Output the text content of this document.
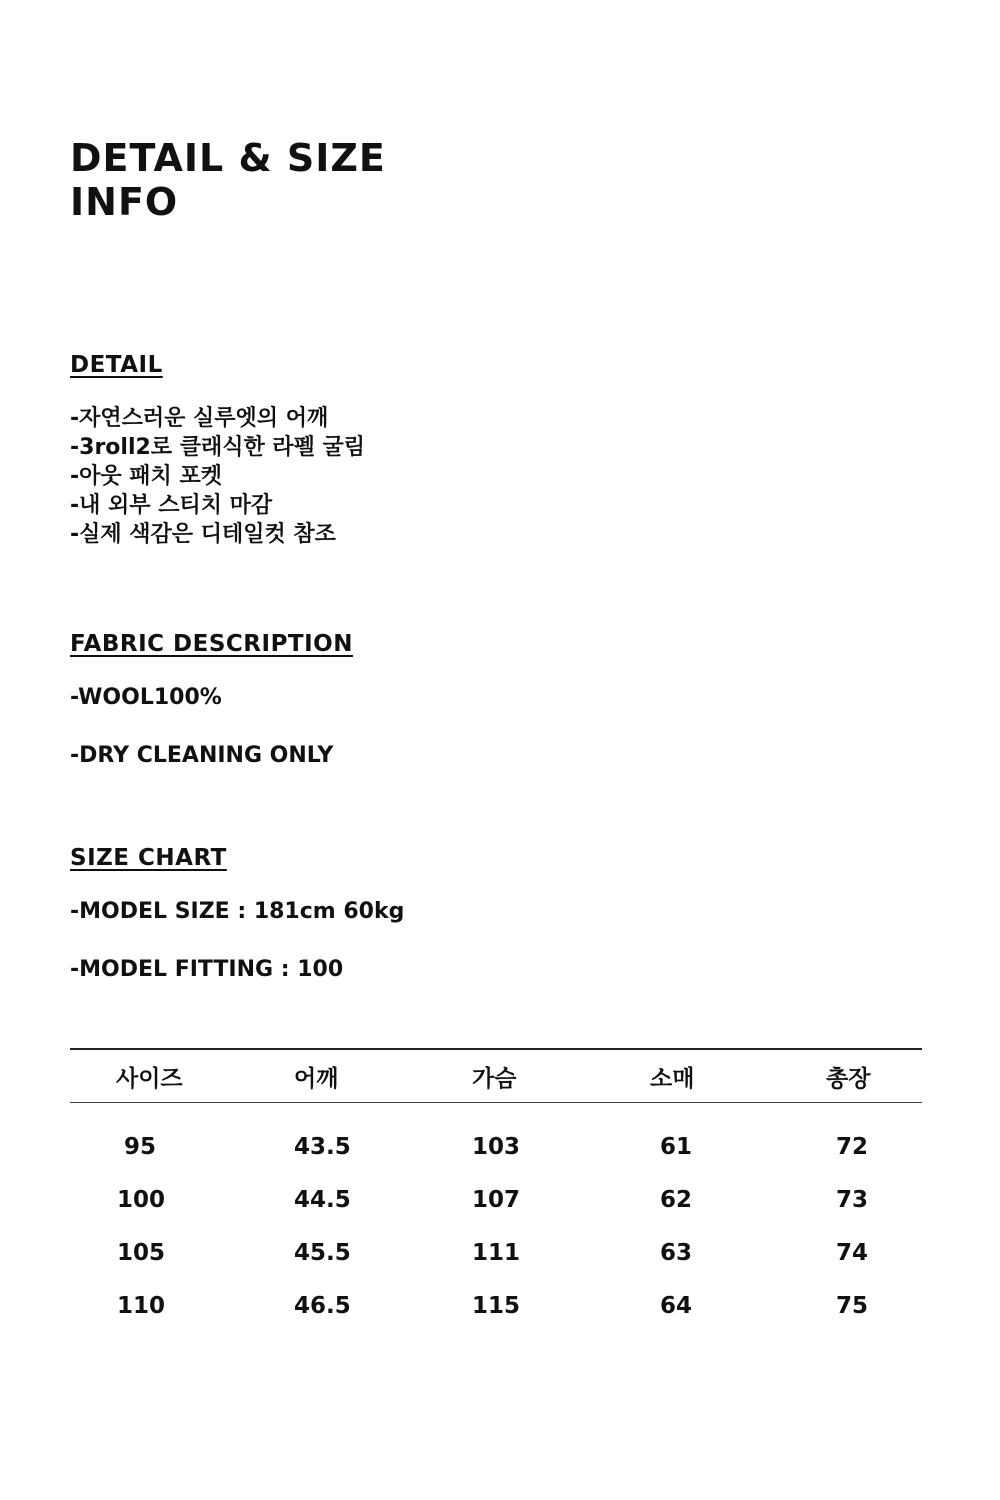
DETAIL & SIZE
INFO
DETAIL
-자연스러운 실루엣의 어깨
-3roll2로 클래식한 라펠 굴림
-아웃 패치 포켓
-내 외부 스티치 마감
-실제 색감은 디테일컷 참조
FABRIC DESCRIPTION
-WOOL100%
-DRY CLEANING ONLY
SIZE CHART
-MODEL SIZE : 181cm 60kg
-MODEL FITTING : 100
사이즈	어깨	가슴	소매	총장
95	43.5	103	61	72
100	44.5	107	62	73
105	45.5	111	63	74
110	46.5	115	64	75
